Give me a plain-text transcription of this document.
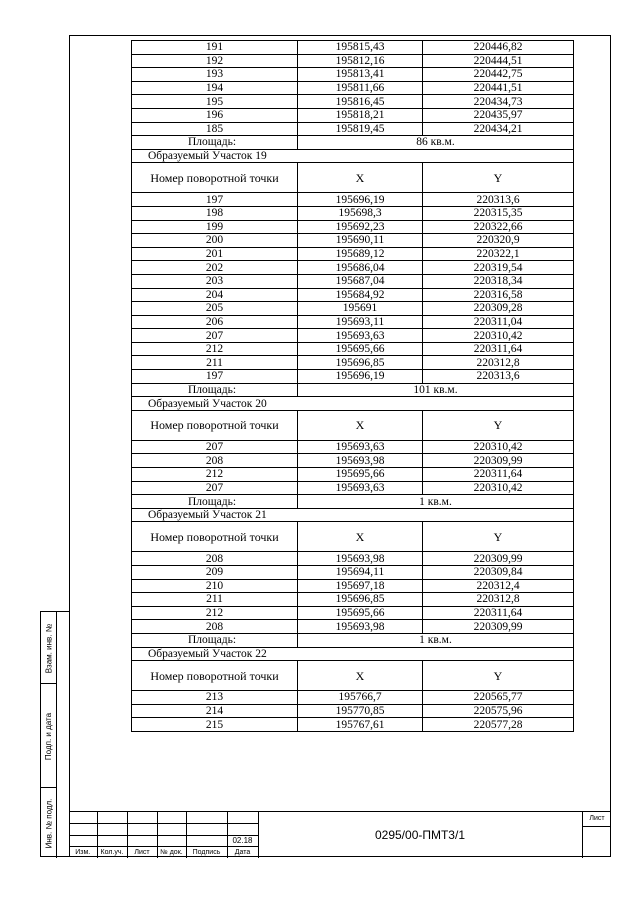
Взам. инв. №
Подп. и дата
Инв. № подл.
191	195815,43	220446,82
192	195812,16	220444,51
193	195813,41	220442,75
194	195811,66	220441,51
195	195816,45	220434,73
196	195818,21	220435,97
185	195819,45	220434,21
Площадь:	86 кв.м.	
Образуемый Участок 19		
Номер поворотной точки	X	Y
197	195696,19	220313,6
198	195698,3	220315,35
199	195692,23	220322,66
200	195690,11	220320,9
201	195689,12	220322,1
202	195686,04	220319,54
203	195687,04	220318,34
204	195684,92	220316,58
205	195691	220309,28
206	195693,11	220311,04
207	195693,63	220310,42
212	195695,66	220311,64
211	195696,85	220312,8
197	195696,19	220313,6
Площадь:	101 кв.м.	
Образуемый Участок 20		
Номер поворотной точки	X	Y
207	195693,63	220310,42
208	195693,98	220309,99
212	195695,66	220311,64
207	195693,63	220310,42
Площадь:	1 кв.м.	
Образуемый Участок 21		
Номер поворотной точки	X	Y
208	195693,98	220309,99
209	195694,11	220309,84
210	195697,18	220312,4
211	195696,85	220312,8
212	195695,66	220311,64
208	195693,98	220309,99
Площадь:	1 кв.м.	
Образуемый Участок 22		
Номер поворотной точки	X	Y
213	195766,7	220565,77
214	195770,85	220575,96
215	195767,61	220577,28

					02.18
Изм.	Кол.уч.	Лист	№ док.	Подпись	Дата
0295/00-ПМТ3/1
Лист
